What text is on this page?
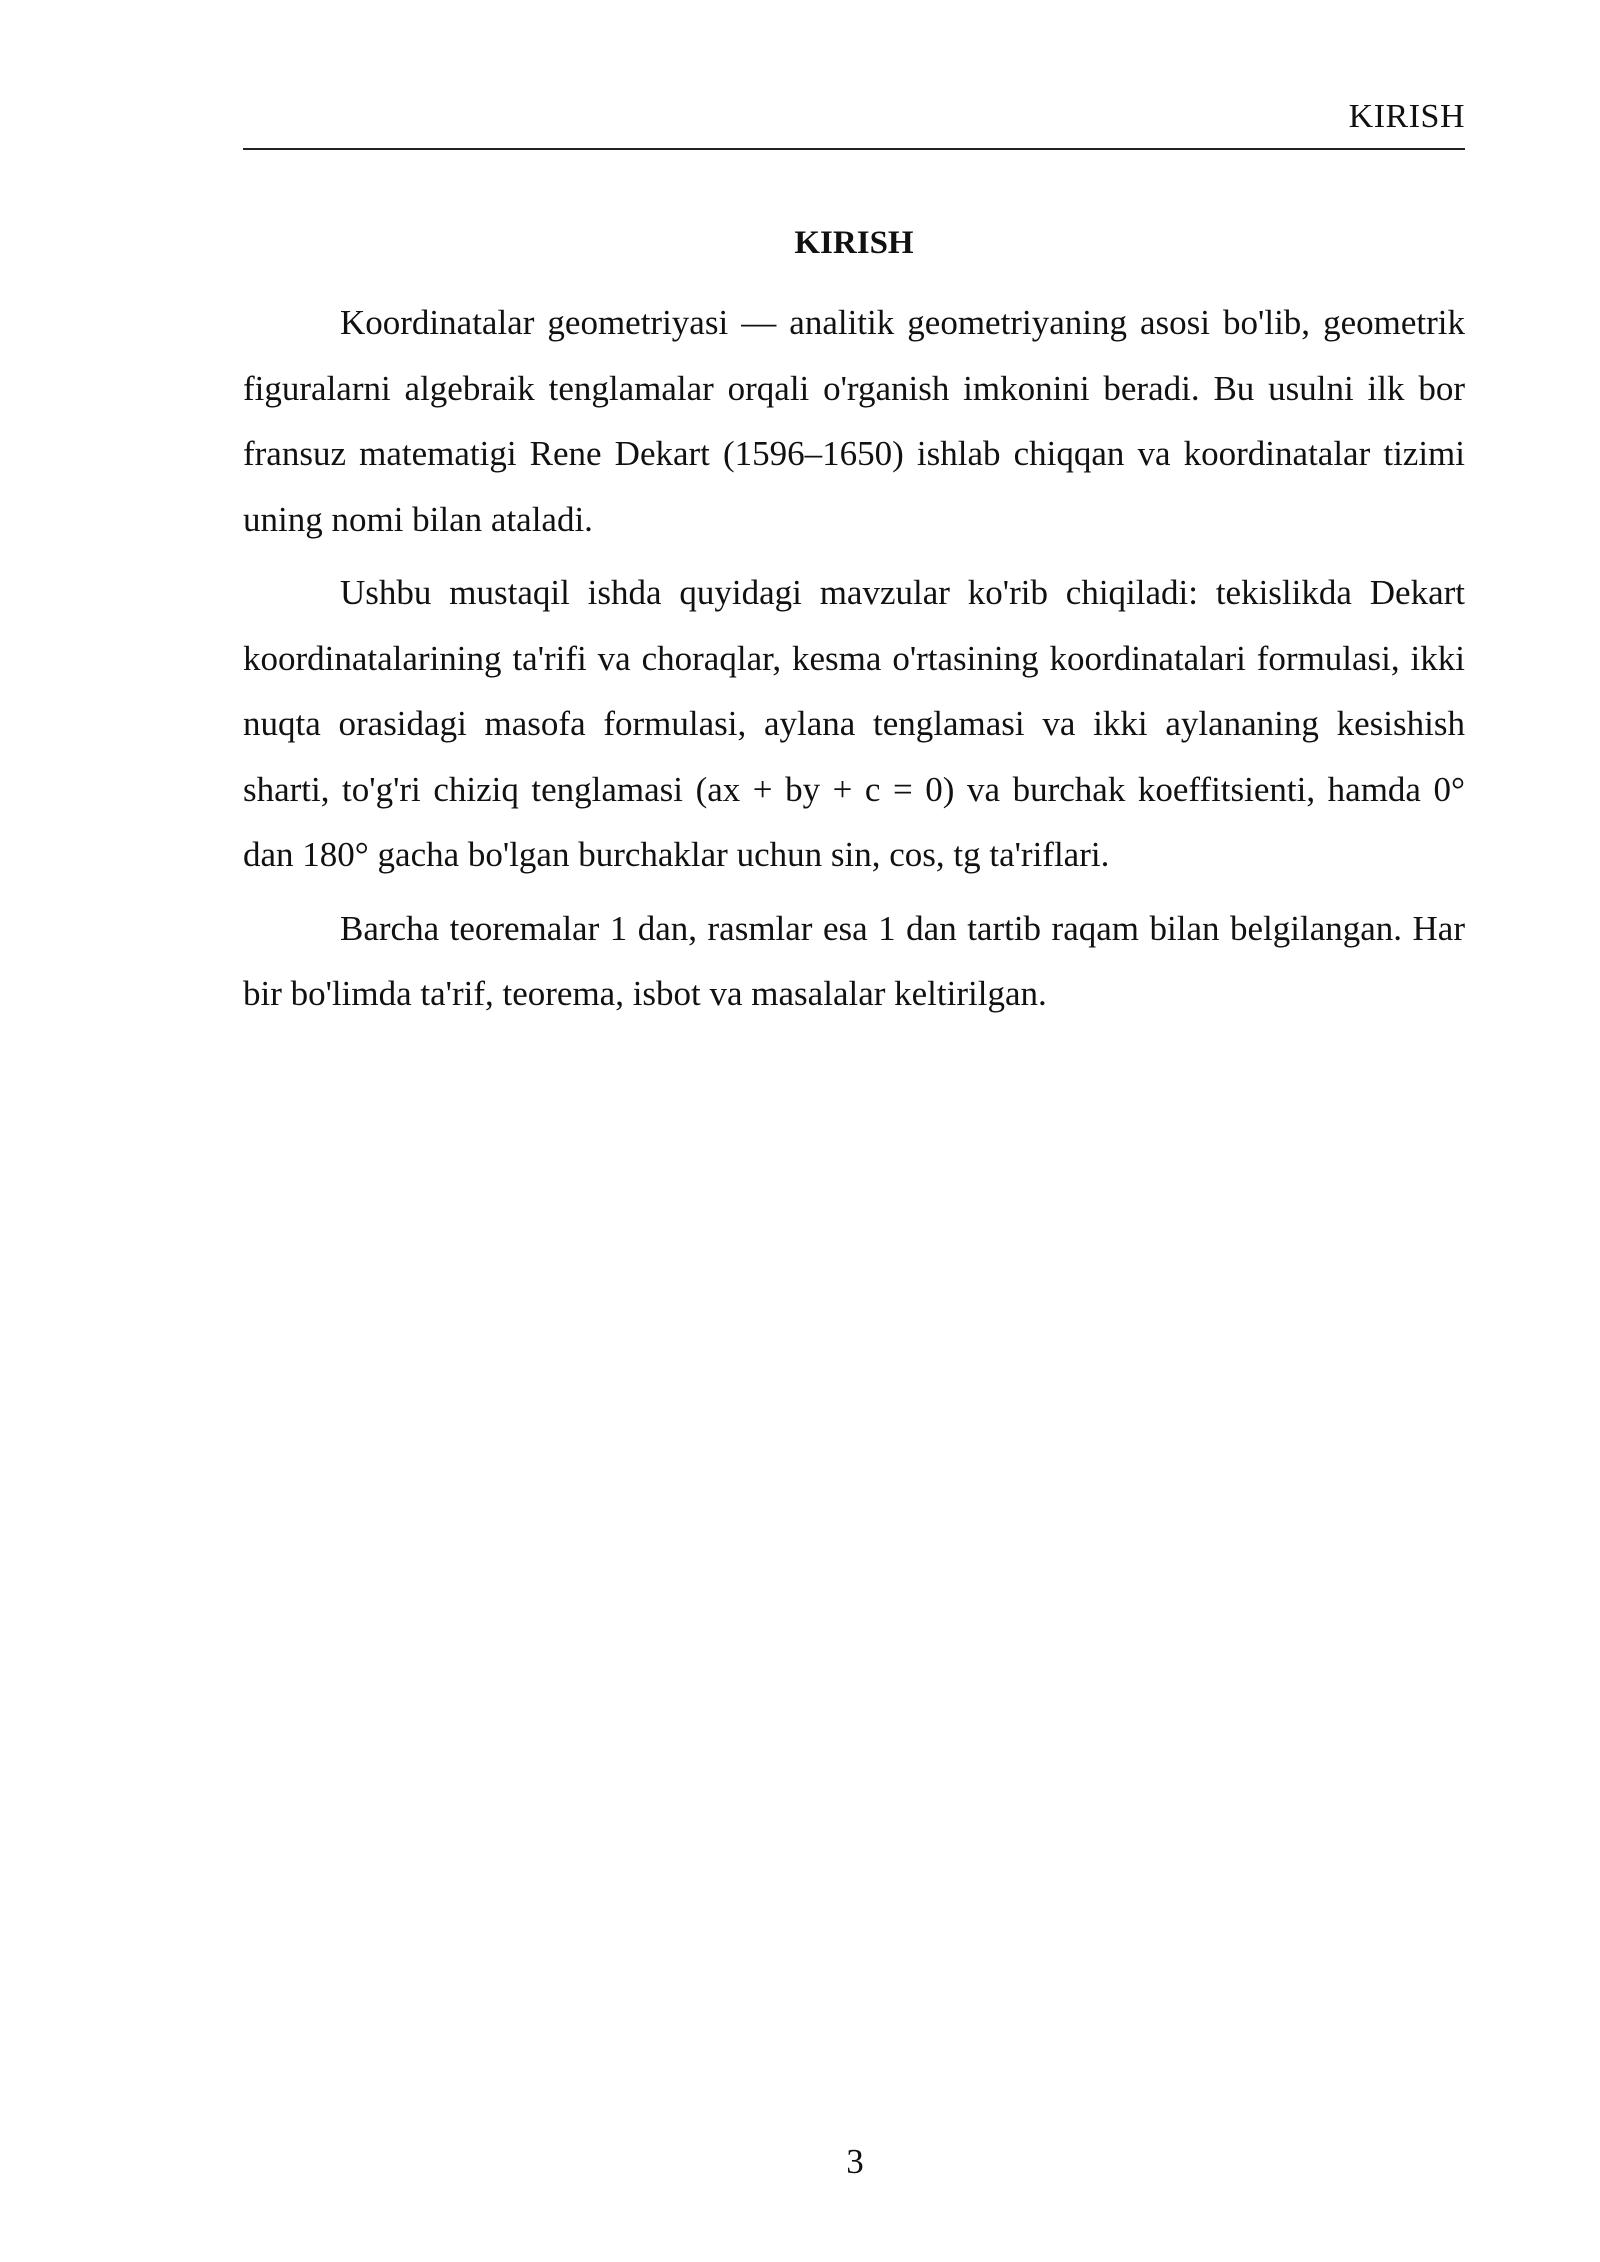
KIRISH
KIRISH

Koordinatalar geometriyasi — analitik geometriyaning asosi bo'lib, geometrik figuralarni algebraik tenglamalar orqali o'rganish imkonini beradi. Bu usulni ilk bor fransuz matematigi Rene Dekart (1596–1650) ishlab chiqqan va koordinatalar tizimi uning nomi bilan ataladi.

Ushbu mustaqil ishda quyidagi mavzular ko'rib chiqiladi: tekislikda Dekart koordinatalarining ta'rifi va choraqlar, kesma o'rtasining koordinatalari formulasi, ikki nuqta orasidagi masofa formulasi, aylana tenglamasi va ikki aylananing kesishish sharti, to'g'ri chiziq tenglamasi (ax + by + c = 0) va burchak koeffitsienti, hamda 0° dan 180° gacha bo'lgan burchaklar uchun sin, cos, tg ta'riflari.

Barcha teoremalar 1 dan, rasmlar esa 1 dan tartib raqam bilan belgilangan. Har bir bo'limda ta'rif, teorema, isbot va masalalar keltirilgan.

3
